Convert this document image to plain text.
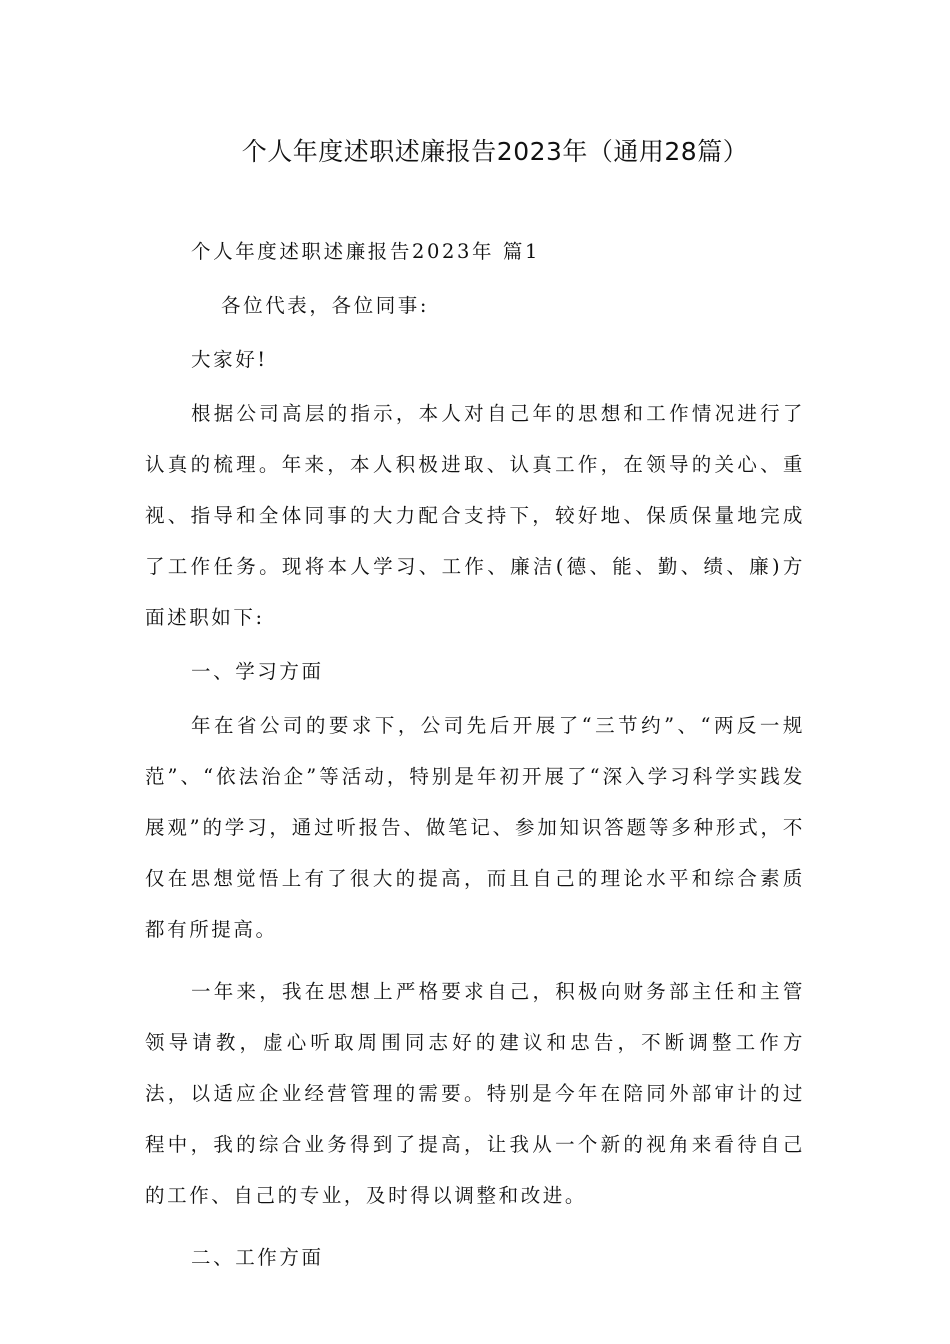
个人年度述职述廉报告2023年（通用28篇）

个人年度述职述廉报告2023年 篇1

各位代表，各位同事:

大家好!

根据公司高层的指示，本人对自己年的思想和工作情况进行了认真的梳理。年来，本人积极进取、认真工作，在领导的关心、重视、指导和全体同事的大力配合支持下，较好地、保质保量地完成了工作任务。现将本人学习、工作、廉洁(德、能、勤、绩、廉)方面述职如下:

一、学习方面

年在省公司的要求下，公司先后开展了“三节约”、“两反一规范”、“依法治企”等活动，特别是年初开展了“深入学习科学实践发展观”的学习，通过听报告、做笔记、参加知识答题等多种形式，不仅在思想觉悟上有了很大的提高，而且自己的理论水平和综合素质都有所提高。

一年来，我在思想上严格要求自己，积极向财务部主任和主管领导请教，虚心听取周围同志好的建议和忠告，不断调整工作方法，以适应企业经营管理的需要。特别是今年在陪同外部审计的过程中，我的综合业务得到了提高，让我从一个新的视角来看待自己的工作、自己的专业，及时得以调整和改进。

二、工作方面
